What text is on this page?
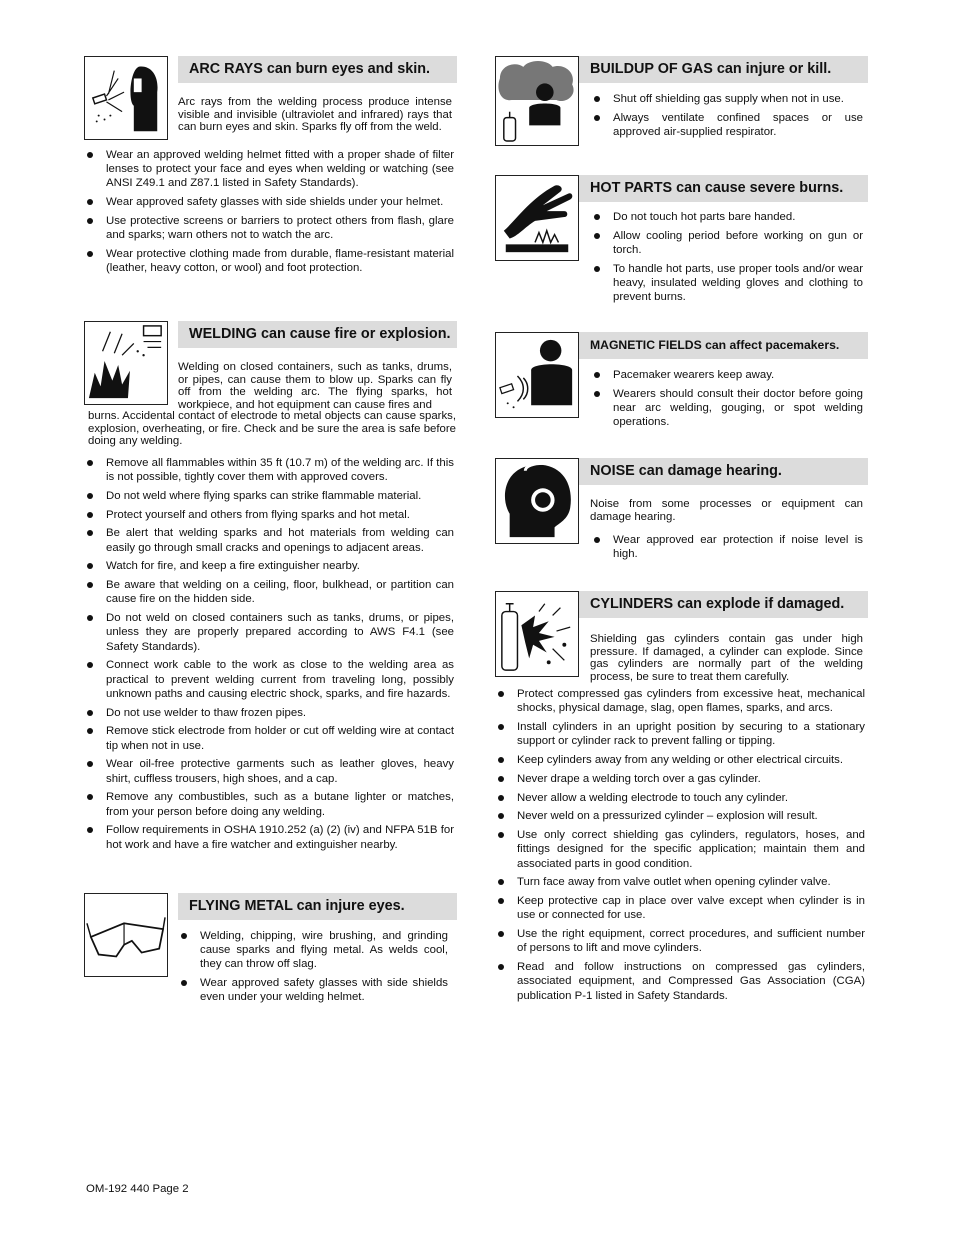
ARC RAYS can burn eyes and skin.

Arc rays from the welding process produce intense visible and invisible (ultraviolet and infrared) rays that can burn eyes and skin. Sparks fly off from the weld.

Wear an approved welding helmet fitted with a proper shade of filter lenses to protect your face and eyes when welding or watching (see ANSI Z49.1 and Z87.1 listed in Safety Standards).
Wear approved safety glasses with side shields under your helmet.
Use protective screens or barriers to protect others from flash, glare and sparks; warn others not to watch the arc.
Wear protective clothing made from durable, flame-resistant material (leather, heavy cotton, or wool) and foot protection.
WELDING can cause fire or explosion.

Welding on closed containers, such as tanks, drums, or pipes, can cause them to blow up. Sparks can fly off from the welding arc. The flying sparks, hot workpiece, and hot equipment can cause fires and

burns. Accidental contact of electrode to metal objects can cause sparks, explosion, overheating, or fire. Check and be sure the area is safe before doing any welding.

Remove all flammables within 35 ft (10.7 m) of the welding arc. If this is not possible, tightly cover them with approved covers.
Do not weld where flying sparks can strike flammable material.
Protect yourself and others from flying sparks and hot metal.
Be alert that welding sparks and hot materials from welding can easily go through small cracks and openings to adjacent areas.
Watch for fire, and keep a fire extinguisher nearby.
Be aware that welding on a ceiling, floor, bulkhead, or partition can cause fire on the hidden side.
Do not weld on closed containers such as tanks, drums, or pipes, unless they are properly prepared according to AWS F4.1 (see Safety Standards).
Connect work cable to the work as close to the welding area as practical to prevent welding current from traveling long, possibly unknown paths and causing electric shock, sparks, and fire hazards.
Do not use welder to thaw frozen pipes.
Remove stick electrode from holder or cut off welding wire at contact tip when not in use.
Wear oil-free protective garments such as leather gloves, heavy shirt, cuffless trousers, high shoes, and a cap.
Remove any combustibles, such as a butane lighter or matches, from your person before doing any welding.
Follow requirements in OSHA 1910.252 (a) (2) (iv) and NFPA 51B for hot work and have a fire watcher and extinguisher nearby.
FLYING METAL can injure eyes.
Welding, chipping, wire brushing, and grinding cause sparks and flying metal. As welds cool, they can throw off slag.
Wear approved safety glasses with side shields even under your welding helmet.
BUILDUP OF GAS can injure or kill.
Shut off shielding gas supply when not in use.
Always ventilate confined spaces or use approved air-supplied respirator.
HOT PARTS can cause severe burns.
Do not touch hot parts bare handed.
Allow cooling period before working on gun or torch.
To handle hot parts, use proper tools and/or wear heavy, insulated welding gloves and clothing to prevent burns.
MAGNETIC FIELDS can affect pacemakers.
Pacemaker wearers keep away.
Wearers should consult their doctor before going near arc welding, gouging, or spot welding operations.
NOISE can damage hearing.

Noise from some processes or equipment can damage hearing.

Wear approved ear protection if noise level is high.
CYLINDERS can explode if damaged.

Shielding gas cylinders contain gas under high pressure. If damaged, a cylinder can explode. Since gas cylinders are normally part of the welding process, be sure to treat them carefully.

Protect compressed gas cylinders from excessive heat, mechanical shocks, physical damage, slag, open flames, sparks, and arcs.
Install cylinders in an upright position by securing to a stationary support or cylinder rack to prevent falling or tipping.
Keep cylinders away from any welding or other electrical circuits.
Never drape a welding torch over a gas cylinder.
Never allow a welding electrode to touch any cylinder.
Never weld on a pressurized cylinder – explosion will result.
Use only correct shielding gas cylinders, regulators, hoses, and fittings designed for the specific application; maintain them and associated parts in good condition.
Turn face away from valve outlet when opening cylinder valve.
Keep protective cap in place over valve except when cylinder is in use or connected for use.
Use the right equipment, correct procedures, and sufficient number of persons to lift and move cylinders.
Read and follow instructions on compressed gas cylinders, associated equipment, and Compressed Gas Association (CGA) publication P-1 listed in Safety Standards.
OM-192 440 Page 2
